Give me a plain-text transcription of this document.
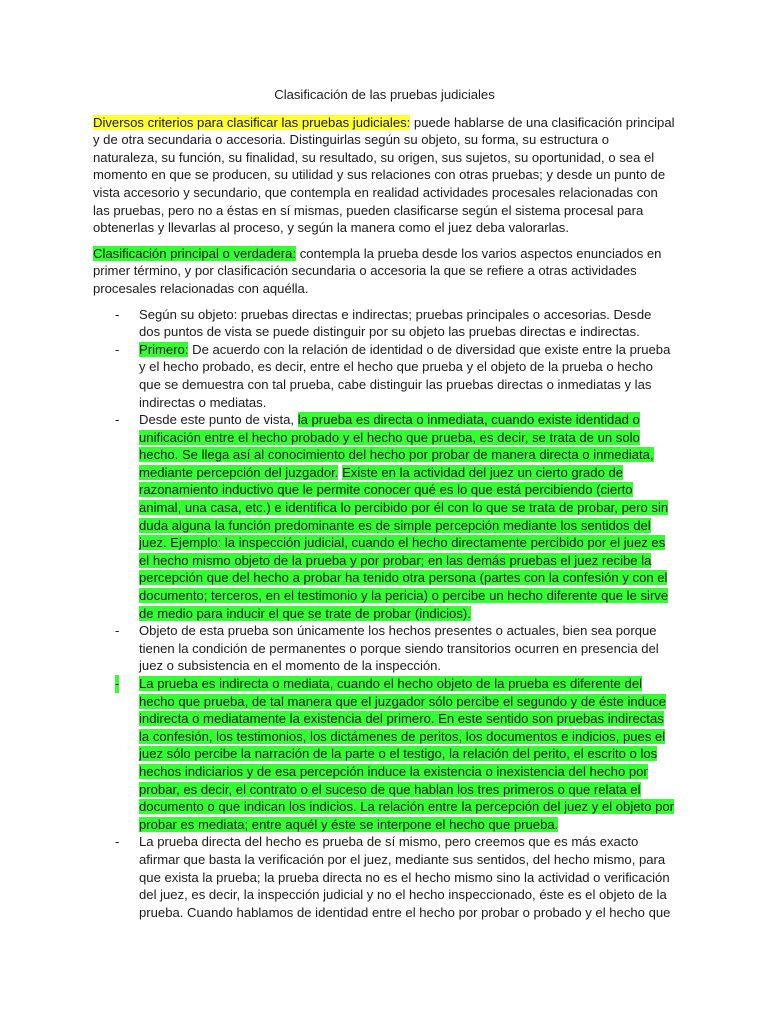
Clasificación de las pruebas judiciales

Diversos criterios para clasificar las pruebas judiciales: puede hablarse de una clasificación principal y de otra secundaria o accesoria. Distinguirlas según su objeto, su forma, su estructura o naturaleza, su función, su finalidad, su resultado, su origen, sus sujetos, su oportunidad, o sea el momento en que se producen, su utilidad y sus relaciones con otras pruebas; y desde un punto de vista accesorio y secundario, que contempla en realidad actividades procesales relacionadas con las pruebas, pero no a éstas en sí mismas, pueden clasificarse según el sistema procesal para obtenerlas y llevarlas al proceso, y según la manera como el juez deba valorarlas.

Clasificación principal o verdadera: contempla la prueba desde los varios aspectos enunciados en primer término, y por clasificación secundaria o accesoria la que se refiere a otras actividades procesales relacionadas con aquélla.

- Según su objeto: pruebas directas e indirectas; pruebas principales o accesorias. Desde dos puntos de vista se puede distinguir por su objeto las pruebas directas e indirectas.
- Primero: De acuerdo con la relación de identidad o de diversidad que existe entre la prueba y el hecho probado, es decir, entre el hecho que prueba y el objeto de la prueba o hecho que se demuestra con tal prueba, cabe distinguir las pruebas directas o inmediatas y las indirectas o mediatas.
- Desde este punto de vista, la prueba es directa o inmediata, cuando existe identidad o unificación entre el hecho probado y el hecho que prueba, es decir, se trata de un solo hecho. Se llega así al conocimiento del hecho por probar de manera directa o inmediata, mediante percepción del juzgador. Existe en la actividad del juez un cierto grado de razonamiento inductivo que le permite conocer qué es lo que está percibiendo (cierto animal, una casa, etc.) e identifica lo percibido por él con lo que se trata de probar, pero sin duda alguna la función predominante es de simple percepción mediante los sentidos del juez. Ejemplo: la inspección judicial, cuando el hecho directamente percibido por el juez es el hecho mismo objeto de la prueba y por probar; en las demás pruebas el juez recibe la percepción que del hecho a probar ha tenido otra persona (partes con la confesión y con el documento; terceros, en el testimonio y la pericia) o percibe un hecho diferente que le sirve de medio para inducir el que se trate de probar (indicios).
- Objeto de esta prueba son únicamente los hechos presentes o actuales, bien sea porque tienen la condición de permanentes o porque siendo transitorios ocurren en presencia del juez o subsistencia en el momento de la inspección.
- La prueba es indirecta o mediata, cuando el hecho objeto de la prueba es diferente del hecho que prueba, de tal manera que el juzgador sólo percibe el segundo y de éste induce indirecta o mediatamente la existencia del primero. En este sentido son pruebas indirectas la confesión, los testimonios, los dictámenes de peritos, los documentos e indicios, pues el juez sólo percibe la narración de la parte o el testigo, la relación del perito, el escrito o los hechos indiciarios y de esa percepción induce la existencia o inexistencia del hecho por probar, es decir, el contrato o el suceso de que hablan los tres primeros o que relata el documento o que indican los indicios. La relación entre la percepción del juez y el objeto por probar es mediata; entre aquél y éste se interpone el hecho que prueba.
- La prueba directa del hecho es prueba de sí mismo, pero creemos que es más exacto afirmar que basta la verificación por el juez, mediante sus sentidos, del hecho mismo, para que exista la prueba; la prueba directa no es el hecho mismo sino la actividad o verificación del juez, es decir, la inspección judicial y no el hecho inspeccionado, éste es el objeto de la prueba. Cuando hablamos de identidad entre el hecho por probar o probado y el hecho que
